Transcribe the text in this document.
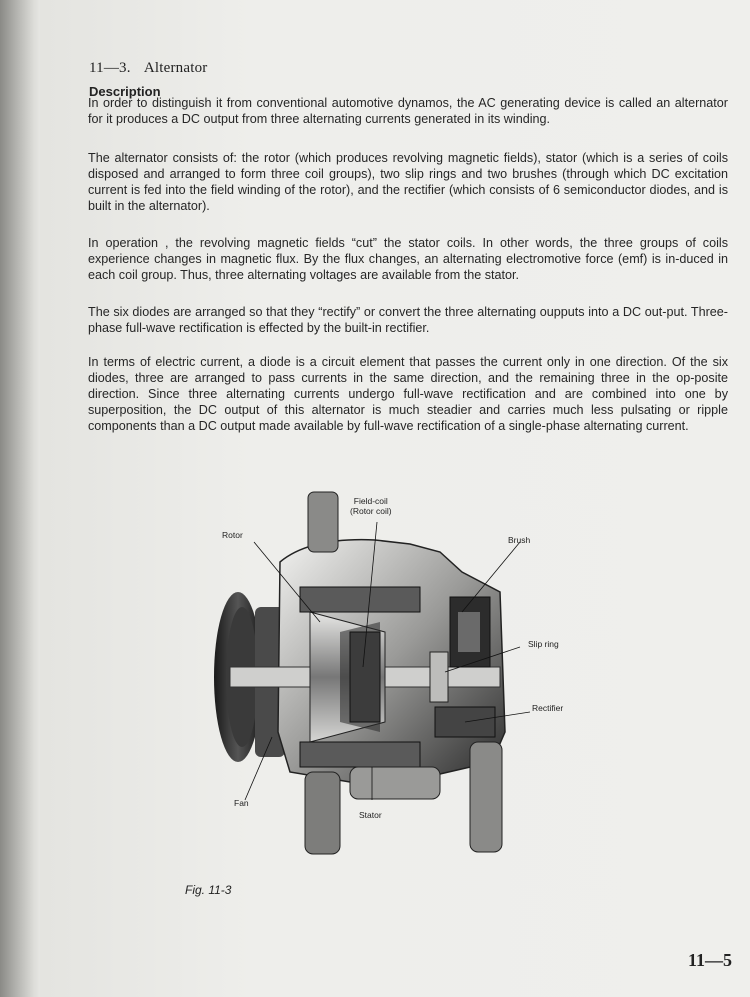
11—3. Alternator
Description

In order to distinguish it from conventional automotive dynamos, the AC generating device is called an alternator for it produces a DC output from three alternating currents generated in its winding.

The alternator consists of: the rotor (which produces revolving magnetic fields), stator (which is a series of coils disposed and arranged to form three coil groups), two slip rings and two brushes (through which DC excitation current is fed into the field winding of the rotor), and the rectifier (which consists of 6 semiconductor diodes, and is built in the alternator).

In operation , the revolving magnetic fields “cut” the stator coils. In other words, the three groups of coils experience changes in magnetic flux. By the flux changes, an alternating electromotive force (emf) is in-duced in each coil group. Thus, three alternating voltages are available from the stator.

The six diodes are arranged so that they “rectify” or convert the three alternating oupputs into a DC out-put. Three-phase full-wave rectification is effected by the built-in rectifier.

In terms of electric current, a diode is a circuit element that passes the current only in one direction. Of the six diodes, three are arranged to pass currents in the same direction, and the remaining three in the op-posite direction. Since three alternating currents undergo full-wave rectification and are combined into one by superposition, the DC output of this alternator is much steadier and carries much less pulsating or ripple components than a DC output made available by full-wave rectification of a single-phase alternating current.

Field-coil
(Rotor coil)
Rotor	Brush
Slip ring
Rectifier
Fan
Stator
Fig. 11-3
11—5
